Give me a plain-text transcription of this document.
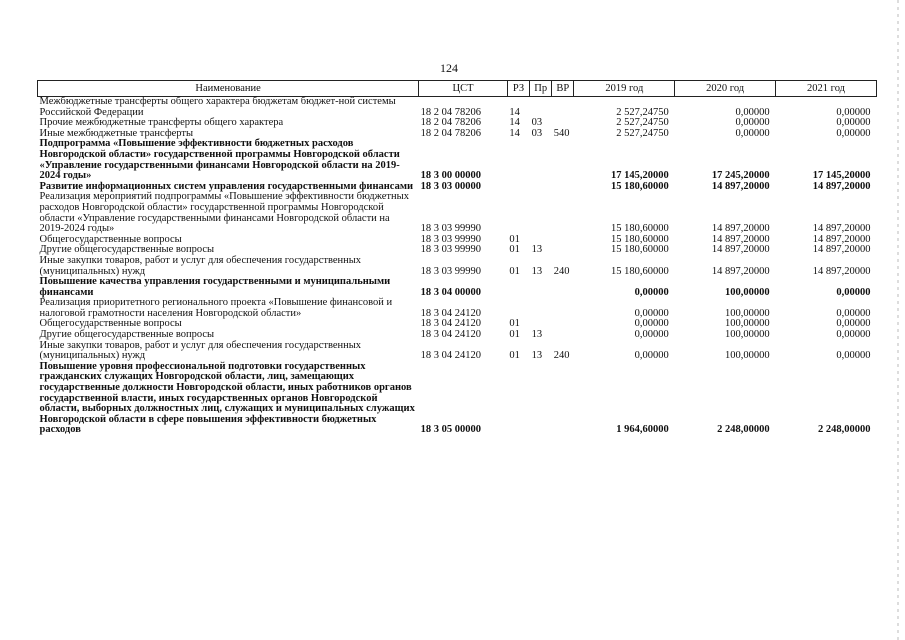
124
Наименование	ЦСТ	РЗ	Пр	ВР	2019 год	2020 год	2021 год
Межбюджетные трансферты общего характера бюджетам бюджет-ной системы Российской Федерации	18 2 04 78206	14			2 527,24750	0,00000	0,00000
Прочие межбюджетные трансферты общего характера	18 2 04 78206	14	03		2 527,24750	0,00000	0,00000
Иные межбюджетные трансферты	18 2 04 78206	14	03	540	2 527,24750	0,00000	0,00000
Подпрограмма «Повышение эффективности бюджетных расходов Новгородской области» государственной программы Новгородской области «Управление государственными финансами Новгородской области на 2019-2024 годы»	18 3 00 00000				17 145,20000	17 245,20000	17 145,20000
Развитие информационных систем управления государственными финансами	18 3 03 00000				15 180,60000	14 897,20000	14 897,20000
Реализация мероприятий подпрограммы «Повышение эффективности бюджетных расходов Новгородской области» государственной программы Новгородской области «Управление государственными финансами Новгородской области на 2019-2024 годы»	18 3 03 99990				15 180,60000	14 897,20000	14 897,20000
Общегосударственные вопросы	18 3 03 99990	01			15 180,60000	14 897,20000	14 897,20000
Другие общегосударственные вопросы	18 3 03 99990	01	13		15 180,60000	14 897,20000	14 897,20000
Иные закупки товаров, работ и услуг для обеспечения государственных (муниципальных) нужд	18 3 03 99990	01	13	240	15 180,60000	14 897,20000	14 897,20000
Повышение качества управления государственными и муниципальными финансами	18 3 04 00000				0,00000	100,00000	0,00000
Реализация приоритетного регионального проекта «Повышение финансовой и налоговой грамотности населения Новгородской области»	18 3 04 24120				0,00000	100,00000	0,00000
Общегосударственные вопросы	18 3 04 24120	01			0,00000	100,00000	0,00000
Другие общегосударственные вопросы	18 3 04 24120	01	13		0,00000	100,00000	0,00000
Иные закупки товаров, работ и услуг для обеспечения государственных (муниципальных) нужд	18 3 04 24120	01	13	240	0,00000	100,00000	0,00000
Повышение уровня профессиональной подготовки государственных гражданских служащих Новгородской области, лиц, замещающих государственные должности Новгородской области, иных работников органов государственной власти, иных государственных органов Новгородской области, выборных должностных лиц, служащих и муниципальных служащих Новгородской области в сфере повышения эффективности бюджетных расходов	18 3 05 00000				1 964,60000	2 248,00000	2 248,00000
